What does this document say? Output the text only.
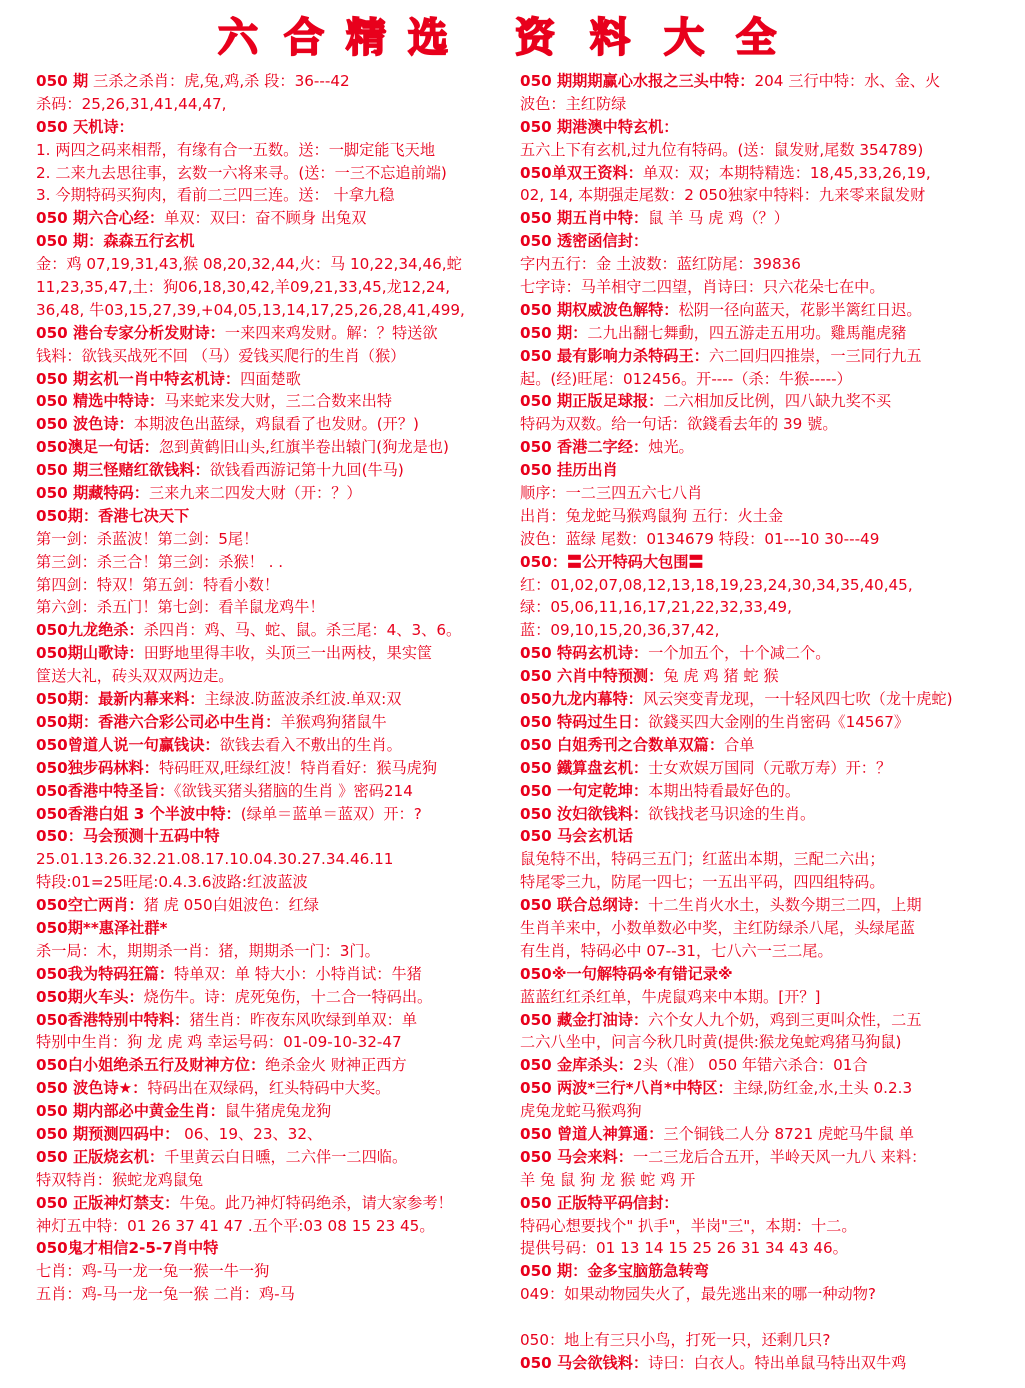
六 合 精 选 资 料 大 全
050 期 三杀之杀肖：虎,兔,鸡,杀 段：36---42
杀码：25,26,31,41,44,47,
050 天机诗：
1. 两四之码来相帮，有缘有合一五数。送：一脚定能飞天地
2. 二来九去思往事，玄数一六将来寻。(送：一三不忘追前端)
3. 今期特码买狗肉，看前二三四三连。送： 十拿九稳
050 期六合心经：单双：双曰：奋不顾身 出兔双
050 期：森森五行玄机
金：鸡 07,19,31,43,猴 08,20,32,44,火：马 10,22,34,46,蛇
11,23,35,47,土：狗06,18,30,42,羊09,21,33,45,龙12,24,
36,48, 牛03,15,27,39,+04,05,13,14,17,25,26,28,41,499,
050 港台专家分析发财诗：一来四来鸡发财。解：？特送欲
钱料：欲钱买战死不回 （马）爱钱买爬行的生肖（猴）
050 期玄机一肖中特玄机诗：四面楚歌
050 精选中特诗：马来蛇来发大财，三二合数来出特
050 波色诗：本期波色出蓝绿，鸡鼠看了也发财。(开？)
050澳足一句话：忽到黄鹤旧山头,红旗半卷出辕门(狗龙是也)
050 期三怪赌红欲钱料：欲钱看西游记第十九回(牛马)
050 期藏特码：三来九来二四发大财（开：？）
050期：香港七决天下
第一剑：杀蓝波！第二剑：5尾！
第三剑：杀三合！第三剑：杀猴！ . .
第四剑：特双！第五剑：特看小数！
第六剑：杀五门！第七剑：看羊鼠龙鸡牛！
050九龙绝杀：杀四肖：鸡、马、蛇、鼠。杀三尾：4、3、6。
050期山歌诗：田野地里得丰收，头顶三一出两枝，果实筐
筐送大礼，砖头双双两边走。
050期：最新内幕来料：主绿波.防蓝波杀红波.单双:双
050期：香港六合彩公司必中生肖：羊猴鸡狗猪鼠牛
050曾道人说一句赢钱诀：欲钱去看入不敷出的生肖。
050独步码林料：特码旺双,旺绿红波！特肖看好：猴马虎狗
050香港中特圣旨：《欲钱买猪头猪脑的生肖 》密码214
050香港白姐 3 个半波中特：(绿单＝蓝单＝蓝双）开：?
050：马会预测十五码中特
25.01.13.26.32.21.08.17.10.04.30.27.34.46.11
特段:01=25旺尾:0.4.3.6波路:红波蓝波
050空亡两肖：猪 虎 050白姐波色：红绿
050期**惠泽社群*
杀一局：木，期期杀一肖：猪，期期杀一门：3门。
050我为特码狂篇：特单双：单 特大小：小特肖试：牛猪
050期火车头：烧伤牛。诗：虎死兔伤，十二合一特码出。
050香港特别中特料：猪生肖：昨夜东风吹绿到单双：单
特别中生肖：狗 龙 虎 鸡 幸运号码：01-09-10-32-47
050白小姐绝杀五行及财神方位：绝杀金火 财神正西方
050 波色诗★：特码出在双绿码，红头特码中大奖。
050 期内部必中黄金生肖：鼠牛猪虎兔龙狗
050 期预测四码中： 06、19、23、32、
050 正版烧玄机：千里黄云白日曛，二六伴一二四临。
特双特肖：猴蛇龙鸡鼠兔
050 正版神灯禁支：牛兔。此乃神灯特码绝杀，请大家参考！
神灯五中特：01 26 37 41 47 .五个平:03 08 15 23 45。
050鬼才相信2-5-7肖中特
七肖：鸡-马一龙一兔一猴一牛一狗
五肖：鸡-马一龙一兔一猴 二肖：鸡-马
050 期期期赢心水报之三头中特：204 三行中特：水、金、火
波色：主红防绿
050 期港澳中特玄机：
五六上下有玄机,过九位有特码。(送：鼠发财,尾数 354789)
050单双王资料：单双：双；本期特精选：18,45,33,26,19,
02, 14, 本期强走尾数：2 050独家中特料：九来零来鼠发财
050 期五肖中特：鼠 羊 马 虎 鸡（？）
050 透密函信封：
字内五行：金 土波数：蓝红防尾：39836
七字诗：马羊相守二四望，肖诗曰：只六花朵七在中。
050 期权威波色解特：松阴一径向蓝天，花影半篱红日迟。
050 期：二九出翻七舞動，四五游走五用功。雞馬龍虎豬
050 最有影响力杀特码王：六二回归四推崇，一三同行九五
起。(经)旺尾：012456。开----（杀：牛猴-----）
050 期正版足球报：二六相加反比例，四八缺九奖不买
特码为双数。给一句话：欲錢看去年的 39 號。
050 香港二字经：烛光。
050 挂历出肖
顺序：一二三四五六七八肖
出肖：兔龙蛇马猴鸡鼠狗 五行：火土金
波色：蓝绿 尾数：0134679 特段：01---10 30---49
050：〓公开特码大包围〓
红：01,02,07,08,12,13,18,19,23,24,30,34,35,40,45,
绿：05,06,11,16,17,21,22,32,33,49,
蓝：09,10,15,20,36,37,42,
050 特码玄机诗：一个加五个，十个减二个。
050 六肖中特预测：兔 虎 鸡 猪 蛇 猴
050九龙内幕特：风云突变青龙现，一十轻风四七吹（龙十虎蛇)
050 特码过生日：欲錢买四大金刚的生肖密码《14567》
050 白姐秀刊之合数单双篇：合单
050 鐵算盘玄机：士女欢娱万国同（元歌万寿）开：？
050 一句定乾坤：本期出特看最好色的。
050 汝妇欲钱料：欲钱找老马识途的生肖。
050 马会玄机话
鼠兔特不出，特码三五门；红蓝出本期，三配二六出；
特尾零三九，防尾一四七；一五出平码，四四组特码。
050 联合总纲诗：十二生肖火水土，头数今期三二四，上期
生肖羊来中，小数单数必中奖，主红防绿杀八尾，头绿尾蓝
有生肖，特码必中 07--31，七八六一三二尾。
050※一句解特码※有错记录※
蓝蓝红红杀红单，牛虎鼠鸡来中本期。[开？]
050 藏金打油诗：六个女人九个奶，鸡到三更叫众性，二五
二六八坐中，问言今秋几时黄(提供:猴龙兔蛇鸡猪马狗鼠)
050 金库杀头：2头（准） 050 年错六杀合：01合
050 两波*三行*八肖*中特区：主绿,防红金,水,土头 0.2.3
虎兔龙蛇马猴鸡狗
050 曾道人神算通：三个铜钱二人分 8721 虎蛇马牛鼠 单
050 马会来料：一二三龙后合五开，半岭天风一九八 来料：
羊 兔 鼠 狗 龙 猴 蛇 鸡 开
050 正版特平码信封：
特码心想要找个" 扒手"，半岗"三"，本期：十二。
提供号码：01 13 14 15 25 26 31 34 43 46。
050 期：金多宝脑筋急转弯
049：如果动物园失火了，最先逃出来的哪一种动物?
050：地上有三只小鸟，打死一只，还剩几只?
050 马会欲钱料：诗曰：白衣人。特出单鼠马特出双牛鸡
